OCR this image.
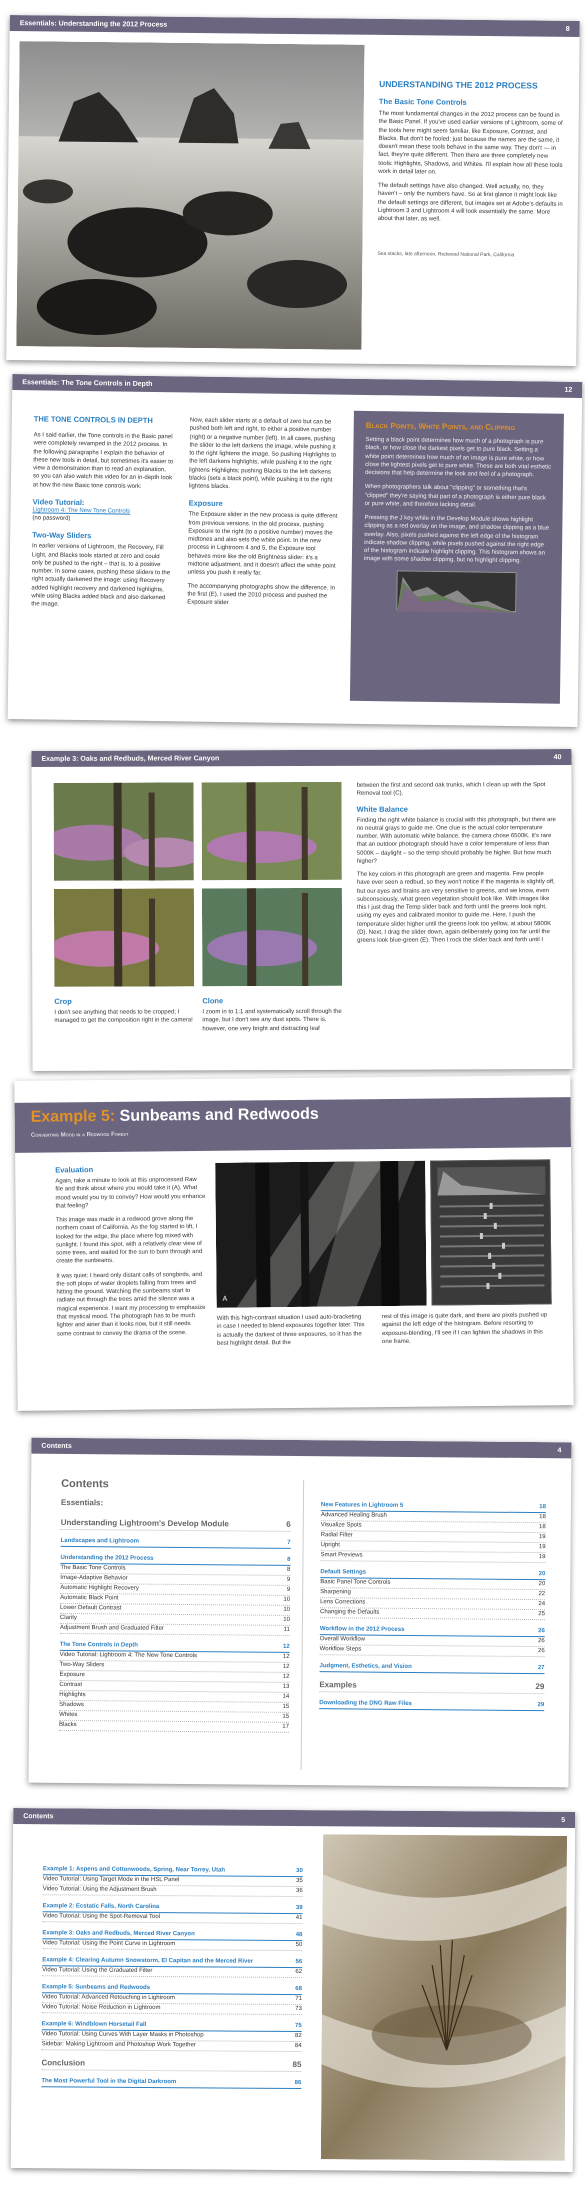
Essentials: Understanding the 2012 Process
8
UNDERSTANDING THE 2012 PROCESS
The Basic Tone Controls

The most fundamental changes in the 2012 process can be found in the Basic Panel. If you've used earlier versions of Lightroom, some of the tools here might seem familiar, like Exposure, Contrast, and Blacks. But don't be fooled: just because the names are the same, it doesn't mean these tools behave in the same way. They don't — in fact, they're quite different. Then there are three completely new tools: Highlights, Shadows, and Whites. I'll explain how all these tools work in detail later on.

The default settings have also changed. Well actually, no, they haven't – only the numbers have. So at first glance it might look like the default settings are different, but images set at Adobe's defaults in Lightroom 3 and Lightroom 4 will look essentially the same. More about that later, as well.

Sea stacks, late afternoon, Redwood National Park, California
Essentials: The Tone Controls in Depth
12
THE TONE CONTROLS IN DEPTH
As I said earlier, the Tone controls in the Basic panel were completely revamped in the 2012 process. In the following paragraphs I explain the behavior of these new tools in detail, but sometimes it's easier to view a demonstration than to read an explanation, so you can also watch this video for an in-depth look at how the new Basic tone controls work:
Video Tutorial:
Lightroom 4: The New Tone Controls
(no password)
Two-Way Sliders
In earlier versions of Lightroom, the Recovery, Fill Light, and Blacks tools started at zero and could only be pushed to the right – that is, to a positive number. In some cases, pushing these sliders to the right actually darkened the image: using Recovery added highlight recovery and darkened highlights, while using Blacks added black and also darkened the image.
Now, each slider starts at a default of zero but can be pushed both left and right, to either a positive number (right) or a negative number (left). In all cases, pushing the slider to the left darkens the image, while pushing it to the right lightens the image. So pushing Highlights to the left darkens highlights, while pushing it to the right lightens Highlights; pushing Blacks to the left darkens blacks (sets a black point), while pushing it to the right lightens blacks.
Exposure
The Exposure slider in the new process is quite different from previous versions. In the old process, pushing Exposure to the right (to a positive number) moves the midtones and also sets the white point. In the new process in Lightroom 4 and 5, the Exposure tool behaves more like the old Brightness slider: it's a midtone adjustment, and it doesn't affect the white point unless you push it really far.
The accompanying photographs show the difference. In the first (E), I used the 2010 process and pushed the Exposure slider
Black Points, White Points, and Clipping

Setting a black point determines how much of a photograph is pure black, or how close the darkest pixels get to pure black. Setting a white point determines how much of an image is pure white, or how close the lightest pixels get to pure white. These are both vital esthetic decisions that help determine the look and feel of a photograph.

When photographers talk about "clipping" or something that's "clipped" they're saying that part of a photograph is either pure black or pure white, and therefore lacking detail.

Pressing the J key while in the Develop Module shows highlight clipping as a red overlay on the image, and shadow clipping as a blue overlay. Also, pixels pushed against the left edge of the histogram indicate shadow clipping, while pixels pushed against the right edge of the histogram indicate highlight clipping. This histogram shows an image with some shadow clipping, but no highlight clipping.

Example 3: Oaks and Redbuds, Merced River Canyon	40
Crop
I don't see anything that needs to be cropped; I managed to get the composition right in the camera!
Clone
I zoom in to 1:1 and systematically scroll through the image, but I don't see any dust spots. There is, however, one very bright and distracting leaf
between the first and second oak trunks, which I clean up with the Spot Removal tool (C).
White Balance
Finding the right white balance is crucial with this photograph, but there are no neutral grays to guide me. One clue is the actual color temperature number. With automatic white balance, the camera chose 6500K. It's rare that an outdoor photograph should have a color temperature of less than 5000K – daylight – so the temp should probably be higher. But how much higher?
The key colors in this photograph are green and magenta. Few people have ever seen a redbud, so they won't notice if the magenta is slightly off, but our eyes and brains are very sensitive to greens, and we know, even subconsciously, what green vegetation should look like. With images like this I just drag the Temp slider back and forth until the greens look right, using my eyes and calibrated monitor to guide me. Here, I push the temperature slider higher until the greens look too yellow, at about 5800K (D). Next, I drag the slider down, again deliberately going too far until the greens look blue-green (E). Then I rock the slider back and forth until I
Example 5: Sunbeams and Redwoods
Converting Mood in a Redwood Forest
Evaluation

Again, take a minute to look at this unprocessed Raw file and think about where you would take it (A). What mood would you try to convey? How would you enhance that feeling?

This image was made in a redwood grove along the northern coast of California. As the fog started to lift, I looked for the edge, the place where fog mixed with sunlight. I found this spot, with a relatively clear view of some trees, and waited for the sun to burn through and create the sunbeams.

It was quiet: I heard only distant calls of songbirds, and the soft plops of water droplets falling from trees and hitting the ground. Watching the sunbeams start to radiate out through the trees amid the silence was a magical experience. I want my processing to emphasize that mystical mood. The photograph has to be much lighter and airier than it looks now, but it still needs some contrast to convey the drama of the scene.

A
With this high-contrast situation I used auto-bracketing in case I needed to blend exposures together later. This is actually the darkest of three exposures, so it has the best highlight detail. But the
rest of this image is quite dark, and there are pixels pushed up against the left edge of the histogram. Before resorting to exposure-blending, I'll see if I can lighten the shadows in this one frame.
Contents
4
Contents
Essentials:
Understanding Lightroom's Develop Module	6
Landscapes and Lightroom	7
Understanding the 2012 Process	8
The Basic Tone Controls	8
Image-Adaptive Behavior	9
Automatic Highlight Recovery	9
Automatic Black Point	10
Lower Default Contrast	10
Clarity	10
Adjustment Brush and Graduated Filter	11
The Tone Controls in Depth	12
Video Tutorial: Lightroom 4: The New Tone Controls	12
Two-Way Sliders	12
Exposure	12
Contrast	13
Highlights	14
Shadows	15
Whites	15
Blacks	17
New Features in Lightroom 5	18
Advanced Healing Brush	18
Visualize Spots	18
Radial Filter	19
Upright	19
Smart Previews	19
Default Settings	20
Basic Panel Tone Controls	20
Sharpening	22
Lens Corrections	24
Changing the Defaults	25
Workflow in the 2012 Process	26
Overall Workflow	26
Workflow Steps	26
Judgment, Esthetics, and Vision	27
Examples	29
Downloading the DNG Raw Files	29
Contents
5
Example 1: Aspens and Cottonwoods, Spring, Near Torrey, Utah	30
Video Tutorial: Using Target Mode in the HSL Panel	35
Video Tutorial: Using the Adjustment Brush	36
Example 2: Ecstatic Falls, North Carolina	39
Video Tutorial: Using the Spot-Removal Tool	41
Example 3: Oaks and Redbuds, Merced River Canyon	48
Video Tutorial: Using the Point Curve in Lightroom	50
Example 4: Clearing Autumn Snowstorm, El Capitan and the Merced River	56
Video Tutorial: Using the Graduated Filter	62
Example 5: Sunbeams and Redwoods	68
Video Tutorial: Advanced Retouching in Lightroom	71
Video Tutorial: Noise Reduction in Lightroom	73
Example 6: Windblown Horsetail Fall	75
Video Tutorial: Using Curves With Layer Masks in Photoshop	82
Sidebar: Making Lightroom and Photoshop Work Together	84
Conclusion	85
The Most Powerful Tool in the Digital Darkroom	86
